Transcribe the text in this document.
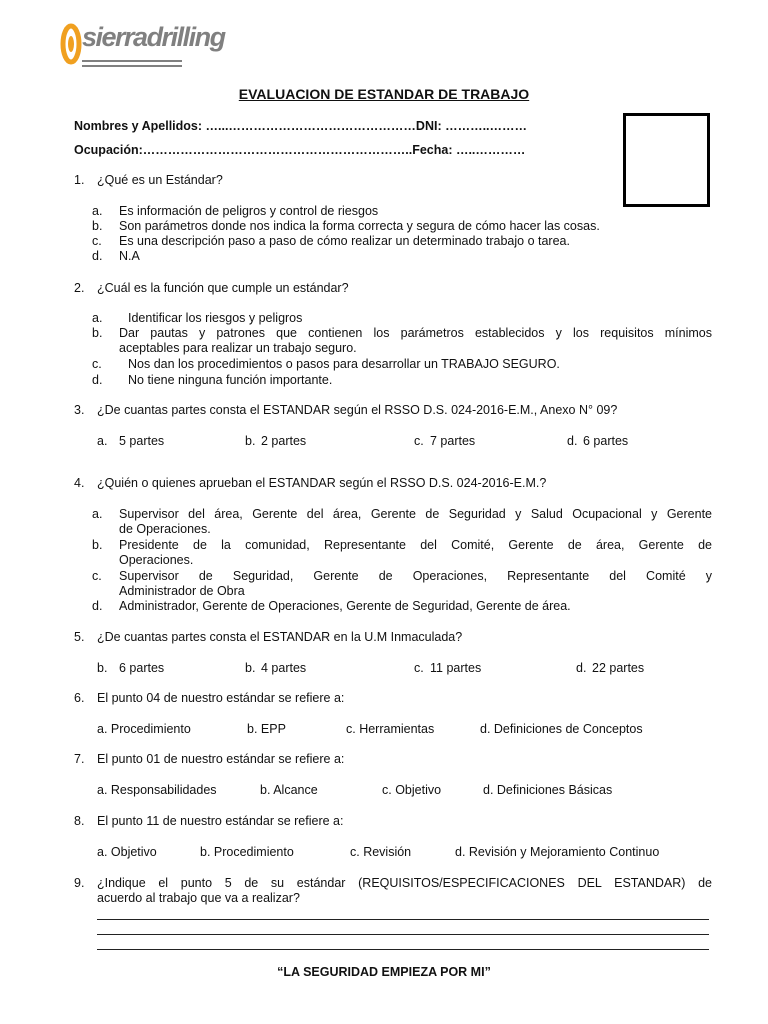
sierradrilling
EVALUACION DE ESTANDAR DE TRABAJO
Nombres y Apellidos: …...………………………………………DNI: ………..………
Ocupación:………………………………………………………..Fecha: …..…………
1. ¿Qué es un Estándar?
a. Es información de peligros y control de riesgos
b. Son parámetros donde nos indica la forma correcta y segura de cómo hacer las cosas.
c. Es una descripción paso a paso de cómo realizar un determinado trabajo o tarea.
d. N.A
2. ¿Cuál es la función que cumple un estándar?
a. Identificar los riesgos y peligros
b. Dar pautas y patrones que contienen los parámetros establecidos y los requisitos mínimos
aceptables para realizar un trabajo seguro.
c. Nos dan los procedimientos o pasos para desarrollar un TRABAJO SEGURO.
d. No tiene ninguna función importante.
3. ¿De cuantas partes consta el ESTANDAR según el RSSO D.S. 024-2016-E.M., Anexo N° 09?
a. 5 partes	b. 2 partes	c. 7 partes	d. 6 partes
4. ¿Quién o quienes aprueban el ESTANDAR según el RSSO D.S. 024-2016-E.M.?
a. Supervisor del área, Gerente del área, Gerente de Seguridad y Salud Ocupacional y Gerente
de Operaciones.
b. Presidente de la comunidad, Representante del Comité, Gerente de área, Gerente de
Operaciones.
c. Supervisor de Seguridad, Gerente de Operaciones, Representante del Comité y
Administrador de Obra
d. Administrador, Gerente de Operaciones, Gerente de Seguridad, Gerente de área.
5. ¿De cuantas partes consta el ESTANDAR en la U.M Inmaculada?
b. 6 partes	b. 4 partes	c. 11 partes	d. 22 partes
6. El punto 04 de nuestro estándar se refiere a:
a. Procedimiento	b. EPP	c. Herramientas	d. Definiciones de Conceptos
7. El punto 01 de nuestro estándar se refiere a:
a. Responsabilidades	b. Alcance	c. Objetivo	d. Definiciones Básicas
8. El punto 11 de nuestro estándar se refiere a:
a. Objetivo	b. Procedimiento	c. Revisión	d. Revisión y Mejoramiento Continuo
9. ¿Indique el punto 5 de su estándar (REQUISITOS/ESPECIFICACIONES DEL ESTANDAR) de
acuerdo al trabajo que va a realizar?
“LA SEGURIDAD EMPIEZA POR MI”
